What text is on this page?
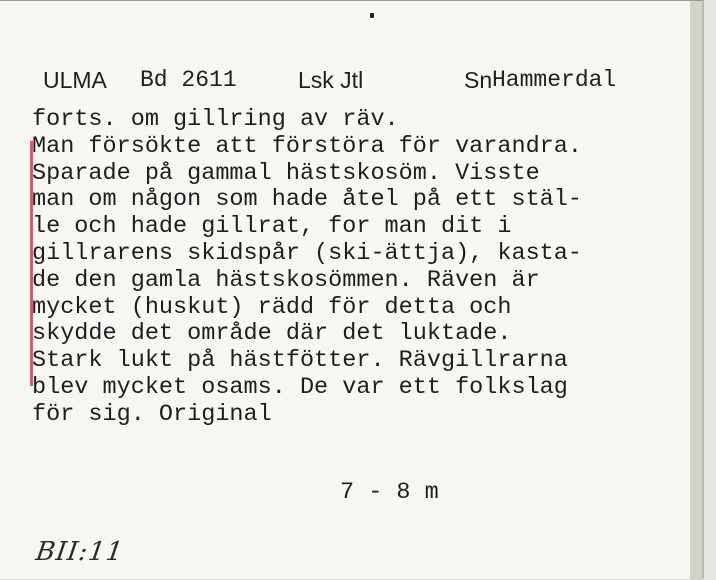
ULMA Bd 2611	Lsk Jtl	Sn Hammerdal
forts. om gillring av räv.
Man försökte att förstöra för varandra.
Sparade på gammal hästskosöm. Visste
man om någon som hade åtel på ett stäl-
le och hade gillrat, for man dit i
gillrarens skidspår (ski-ättja), kasta-
de den gamla hästskosömmen. Räven är
mycket (huskut) rädd för detta och
skydde det område där det luktade.
Stark lukt på hästfötter. Rävgillrarna
blev mycket osams. De var ett folkslag
för sig. Original
7 - 8 m
BII:11
